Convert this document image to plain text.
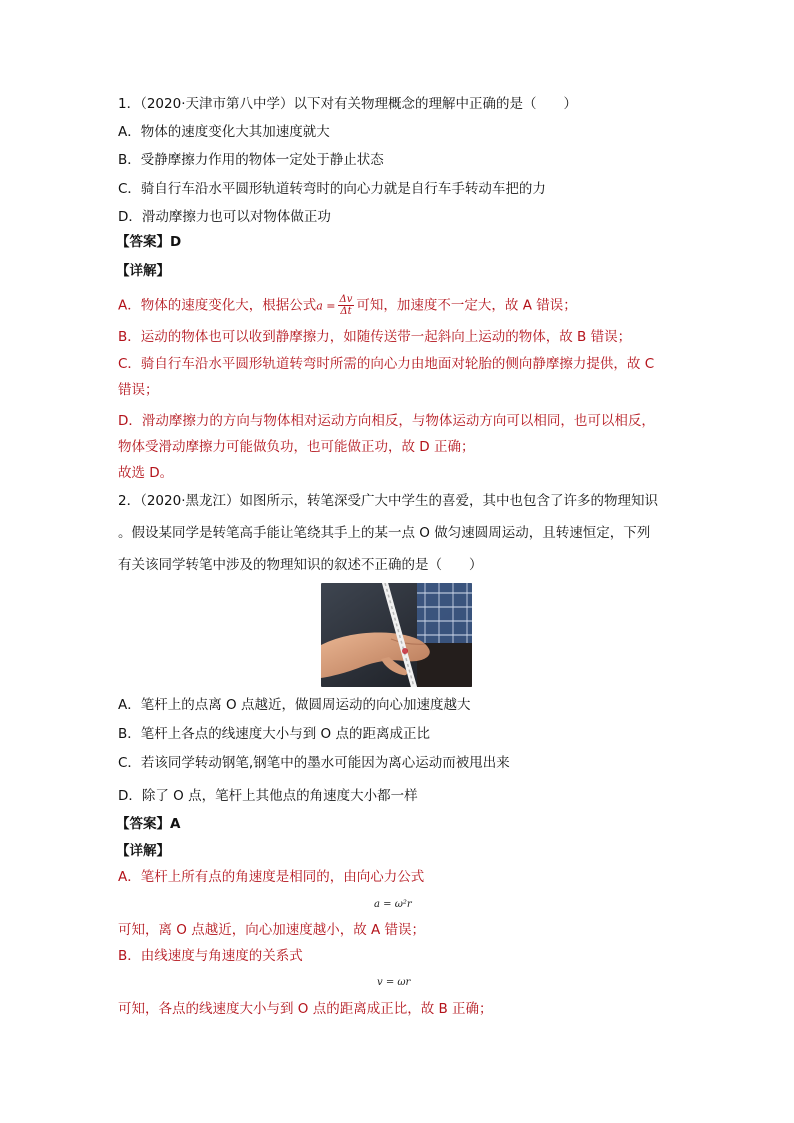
1．（2020·天津市第八中学）以下对有关物理概念的理解中正确的是（　　）
A．物体的速度变化大其加速度就大
B．受静摩擦力作用的物体一定处于静止状态
C．骑自行车沿水平圆形轨道转弯时的向心力就是自行车手转动车把的力
D．滑动摩擦力也可以对物体做正功
【答案】D
【详解】
A．物体的速度变化大，根据公式$a = \frac{\Delta v}{\Delta t}$ 可知，加速度不一定大，故 A 错误；
B．运动的物体也可以收到静摩擦力，如随传送带一起斜向上运动的物体，故 B 错误；
C．骑自行车沿水平圆形轨道转弯时所需的向心力由地面对轮胎的侧向静摩擦力提供，故 C
错误；
D．滑动摩擦力的方向与物体相对运动方向相反，与物体运动方向可以相同，也可以相反，
物体受滑动摩擦力可能做负功，也可能做正功，故 D 正确；
故选 D。
2．（2020·黑龙江）如图所示，转笔深受广大中学生的喜爱，其中也包含了许多的物理知识
。假设某同学是转笔高手能让笔绕其手上的某一点 O 做匀速圆周运动，且转速恒定，下列
有关该同学转笔中涉及的物理知识的叙述不正确的是（　　）
A．笔杆上的点离 O 点越近，做圆周运动的向心加速度越大
B．笔杆上各点的线速度大小与到 O 点的距离成正比
C．若该同学转动钢笔,钢笔中的墨水可能因为离心运动而被甩出来
D．除了 O 点，笔杆上其他点的角速度大小都一样
【答案】A
【详解】
A．笔杆上所有点的角速度是相同的，由向心力公式
a = ω²r
可知，离 O 点越近，向心加速度越小，故 A 错误；
B．由线速度与角速度的关系式
v = ωr
可知，各点的线速度大小与到 O 点的距离成正比，故 B 正确；
